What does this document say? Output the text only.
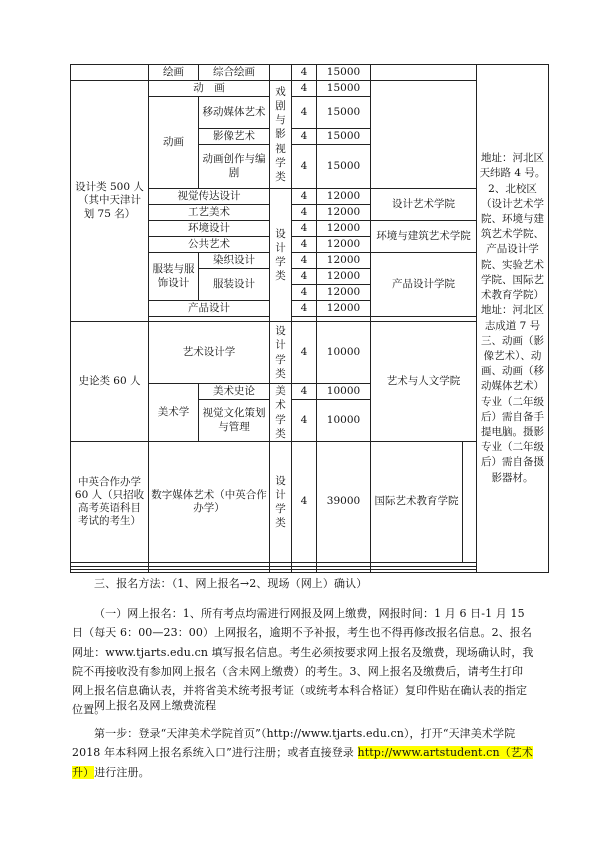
	绘画	综合绘画		4	15000			地址：河北区天纬路 4 号。2、北校区（设计艺术学院、环境与建筑艺术学院、产品设计学院、实验艺术学院、国际艺术教育学院）地址：河北区志成道 7 号三、动画（影像艺术）、动画、动画（移动媒体艺术）专业（二年级后）需自备手提电脑。摄影专业（二年级后）需自备摄影器材。
设计类 500 人（其中天津计划 75 名）	动　画		戏剧与影视学类	4	15000			
	动画	移动媒体艺术		4	15000			
		影像艺术		4	15000			
		动画创作与编剧		4	15000			
	视觉传达设计		设计学类	4	12000	设计艺术学院		
	工艺美术			4	12000			
	环境设计			4	12000	环境与建筑艺术学院		
	公共艺术			4	12000			
	服装与服饰设计	染织设计		4	12000	产品设计学院		
		服装设计		4	12000			
				4	12000			
	产品设计			4	12000			

史论类 60 人	艺术设计学		设计学类	4	10000	艺术与人文学院		
	美术学	美术史论	美术学类	4	10000			
		视觉文化策划与管理		4	10000			
中英合作办学 60 人（只招收高考英语科目考试的考生）	数字媒体艺术（中英合作办学）		设计学类	4	39000	国际艺术教育学院		

三、报名方法：（1、网上报名→2、现场（网上）确认）
（一）网上报名：1、所有考点均需进行网报及网上缴费，网报时间：1 月 6 日-1 月 15 日（每天 6：00—23：00）上网报名，逾期不予补报，考生也不得再修改报名信息。2、报名网址：www.tjarts.edu.cn 填写报名信息。考生必须按要求网上报名及缴费，现场确认时，我院不再接收没有参加网上报名（含未网上缴费）的考生。3、网上报名及缴费后，请考生打印网上报名信息确认表，并将省美术统考报考证（或统考本科合格证）复印件贴在确认表的指定位置。
网上报名及网上缴费流程
第一步：登录“天津美术学院首页”（http://www.tjarts.edu.cn），打开“天津美术学院 2018 年本科网上报名系统入口”进行注册；或者直接登录 http://www.artstudent.cn（艺术升）进行注册。
